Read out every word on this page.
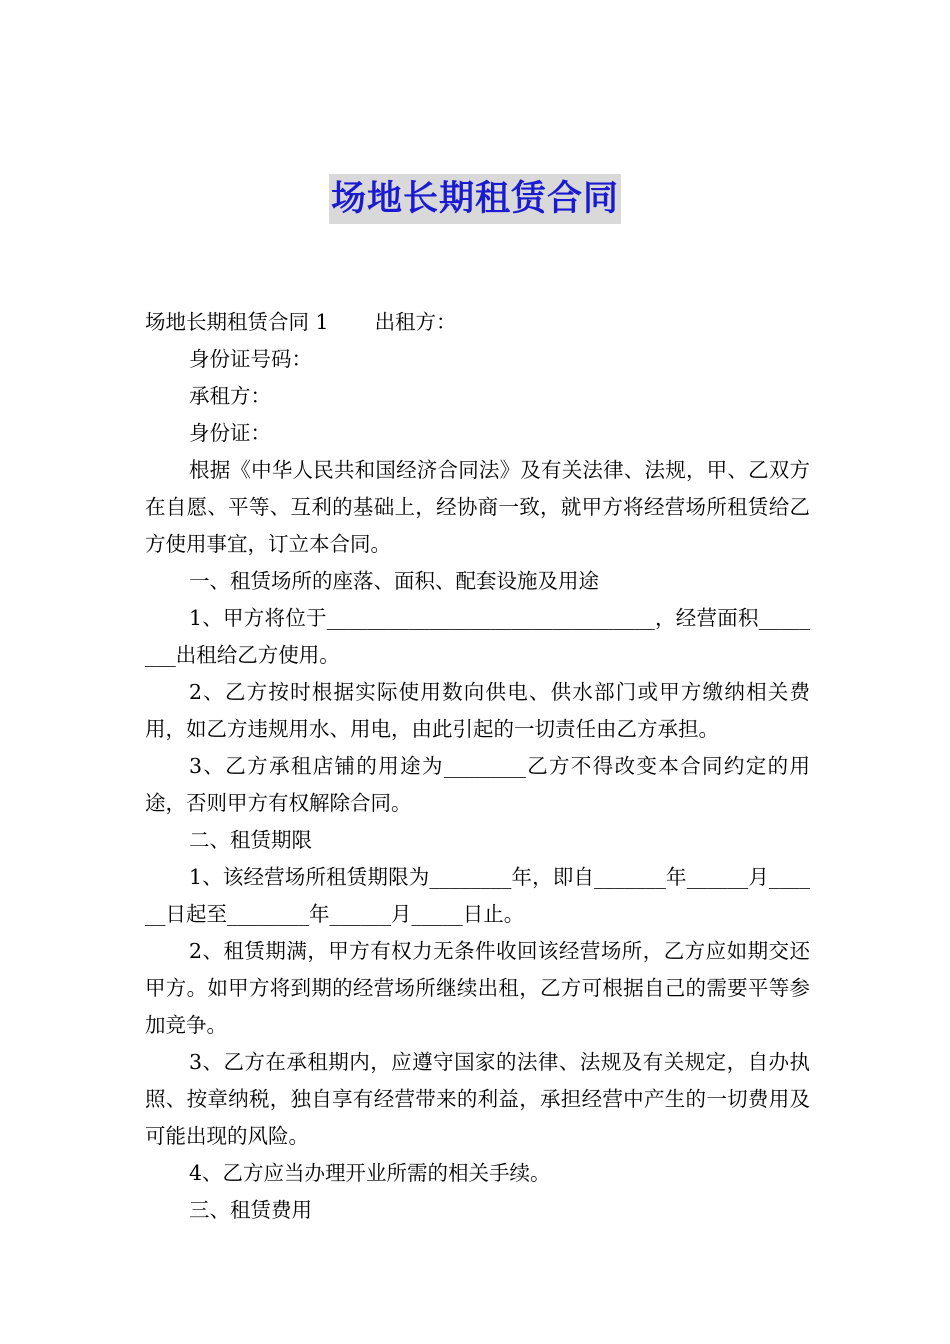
场地长期租赁合同

场地长期租赁合同 1 出租方：

身份证号码：

承租方：

身份证：

根据《中华人民共和国经济合同法》及有关法律、法规，甲、乙双方在自愿、平等、互利的基础上，经协商一致，就甲方将经营场所租赁给乙方使用事宜，订立本合同。

一、租赁场所的座落、面积、配套设施及用途

1、甲方将位于________________________________，经营面积________出租给乙方使用。

2、乙方按时根据实际使用数向供电、供水部门或甲方缴纳相关费用，如乙方违规用水、用电，由此引起的一切责任由乙方承担。

3、乙方承租店铺的用途为________乙方不得改变本合同约定的用途，否则甲方有权解除合同。

二、租赁期限

1、该经营场所租赁期限为________年，即自_______年______月______日起至________年______月_____日止。

2、租赁期满，甲方有权力无条件收回该经营场所，乙方应如期交还甲方。如甲方将到期的经营场所继续出租，乙方可根据自己的需要平等参加竞争。

3、乙方在承租期内，应遵守国家的法律、法规及有关规定，自办执照、按章纳税，独自享有经营带来的利益，承担经营中产生的一切费用及可能出现的风险。

4、乙方应当办理开业所需的相关手续。

三、租赁费用
